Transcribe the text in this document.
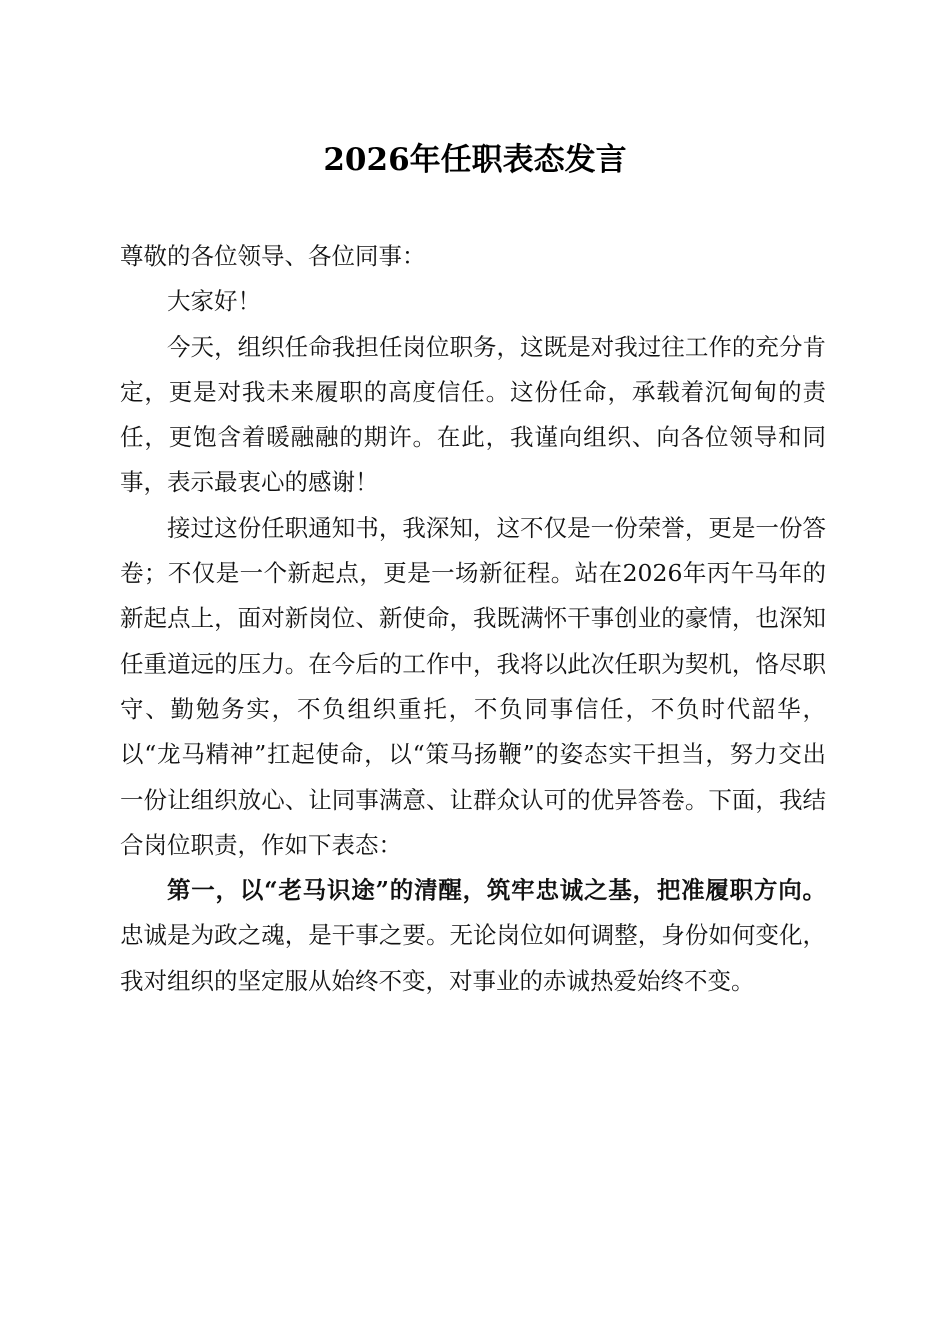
2026年任职表态发言

尊敬的各位领导、各位同事：

大家好！

今天，组织任命我担任岗位职务，这既是对我过往工作的充分肯定，更是对我未来履职的高度信任。这份任命，承载着沉甸甸的责任，更饱含着暖融融的期许。在此，我谨向组织、向各位领导和同事，表示最衷心的感谢！

接过这份任职通知书，我深知，这不仅是一份荣誉，更是一份答卷；不仅是一个新起点，更是一场新征程。站在2026年丙午马年的新起点上，面对新岗位、新使命，我既满怀干事创业的豪情，也深知任重道远的压力。在今后的工作中，我将以此次任职为契机，恪尽职守、勤勉务实，不负组织重托，不负同事信任，不负时代韶华，以“龙马精神”扛起使命，以“策马扬鞭”的姿态实干担当，努力交出一份让组织放心、让同事满意、让群众认可的优异答卷。下面，我结合岗位职责，作如下表态：

第一，以“老马识途”的清醒，筑牢忠诚之基，把准履职方向。忠诚是为政之魂，是干事之要。无论岗位如何调整，身份如何变化，我对组织的坚定服从始终不变，对事业的赤诚热爱始终不变。
